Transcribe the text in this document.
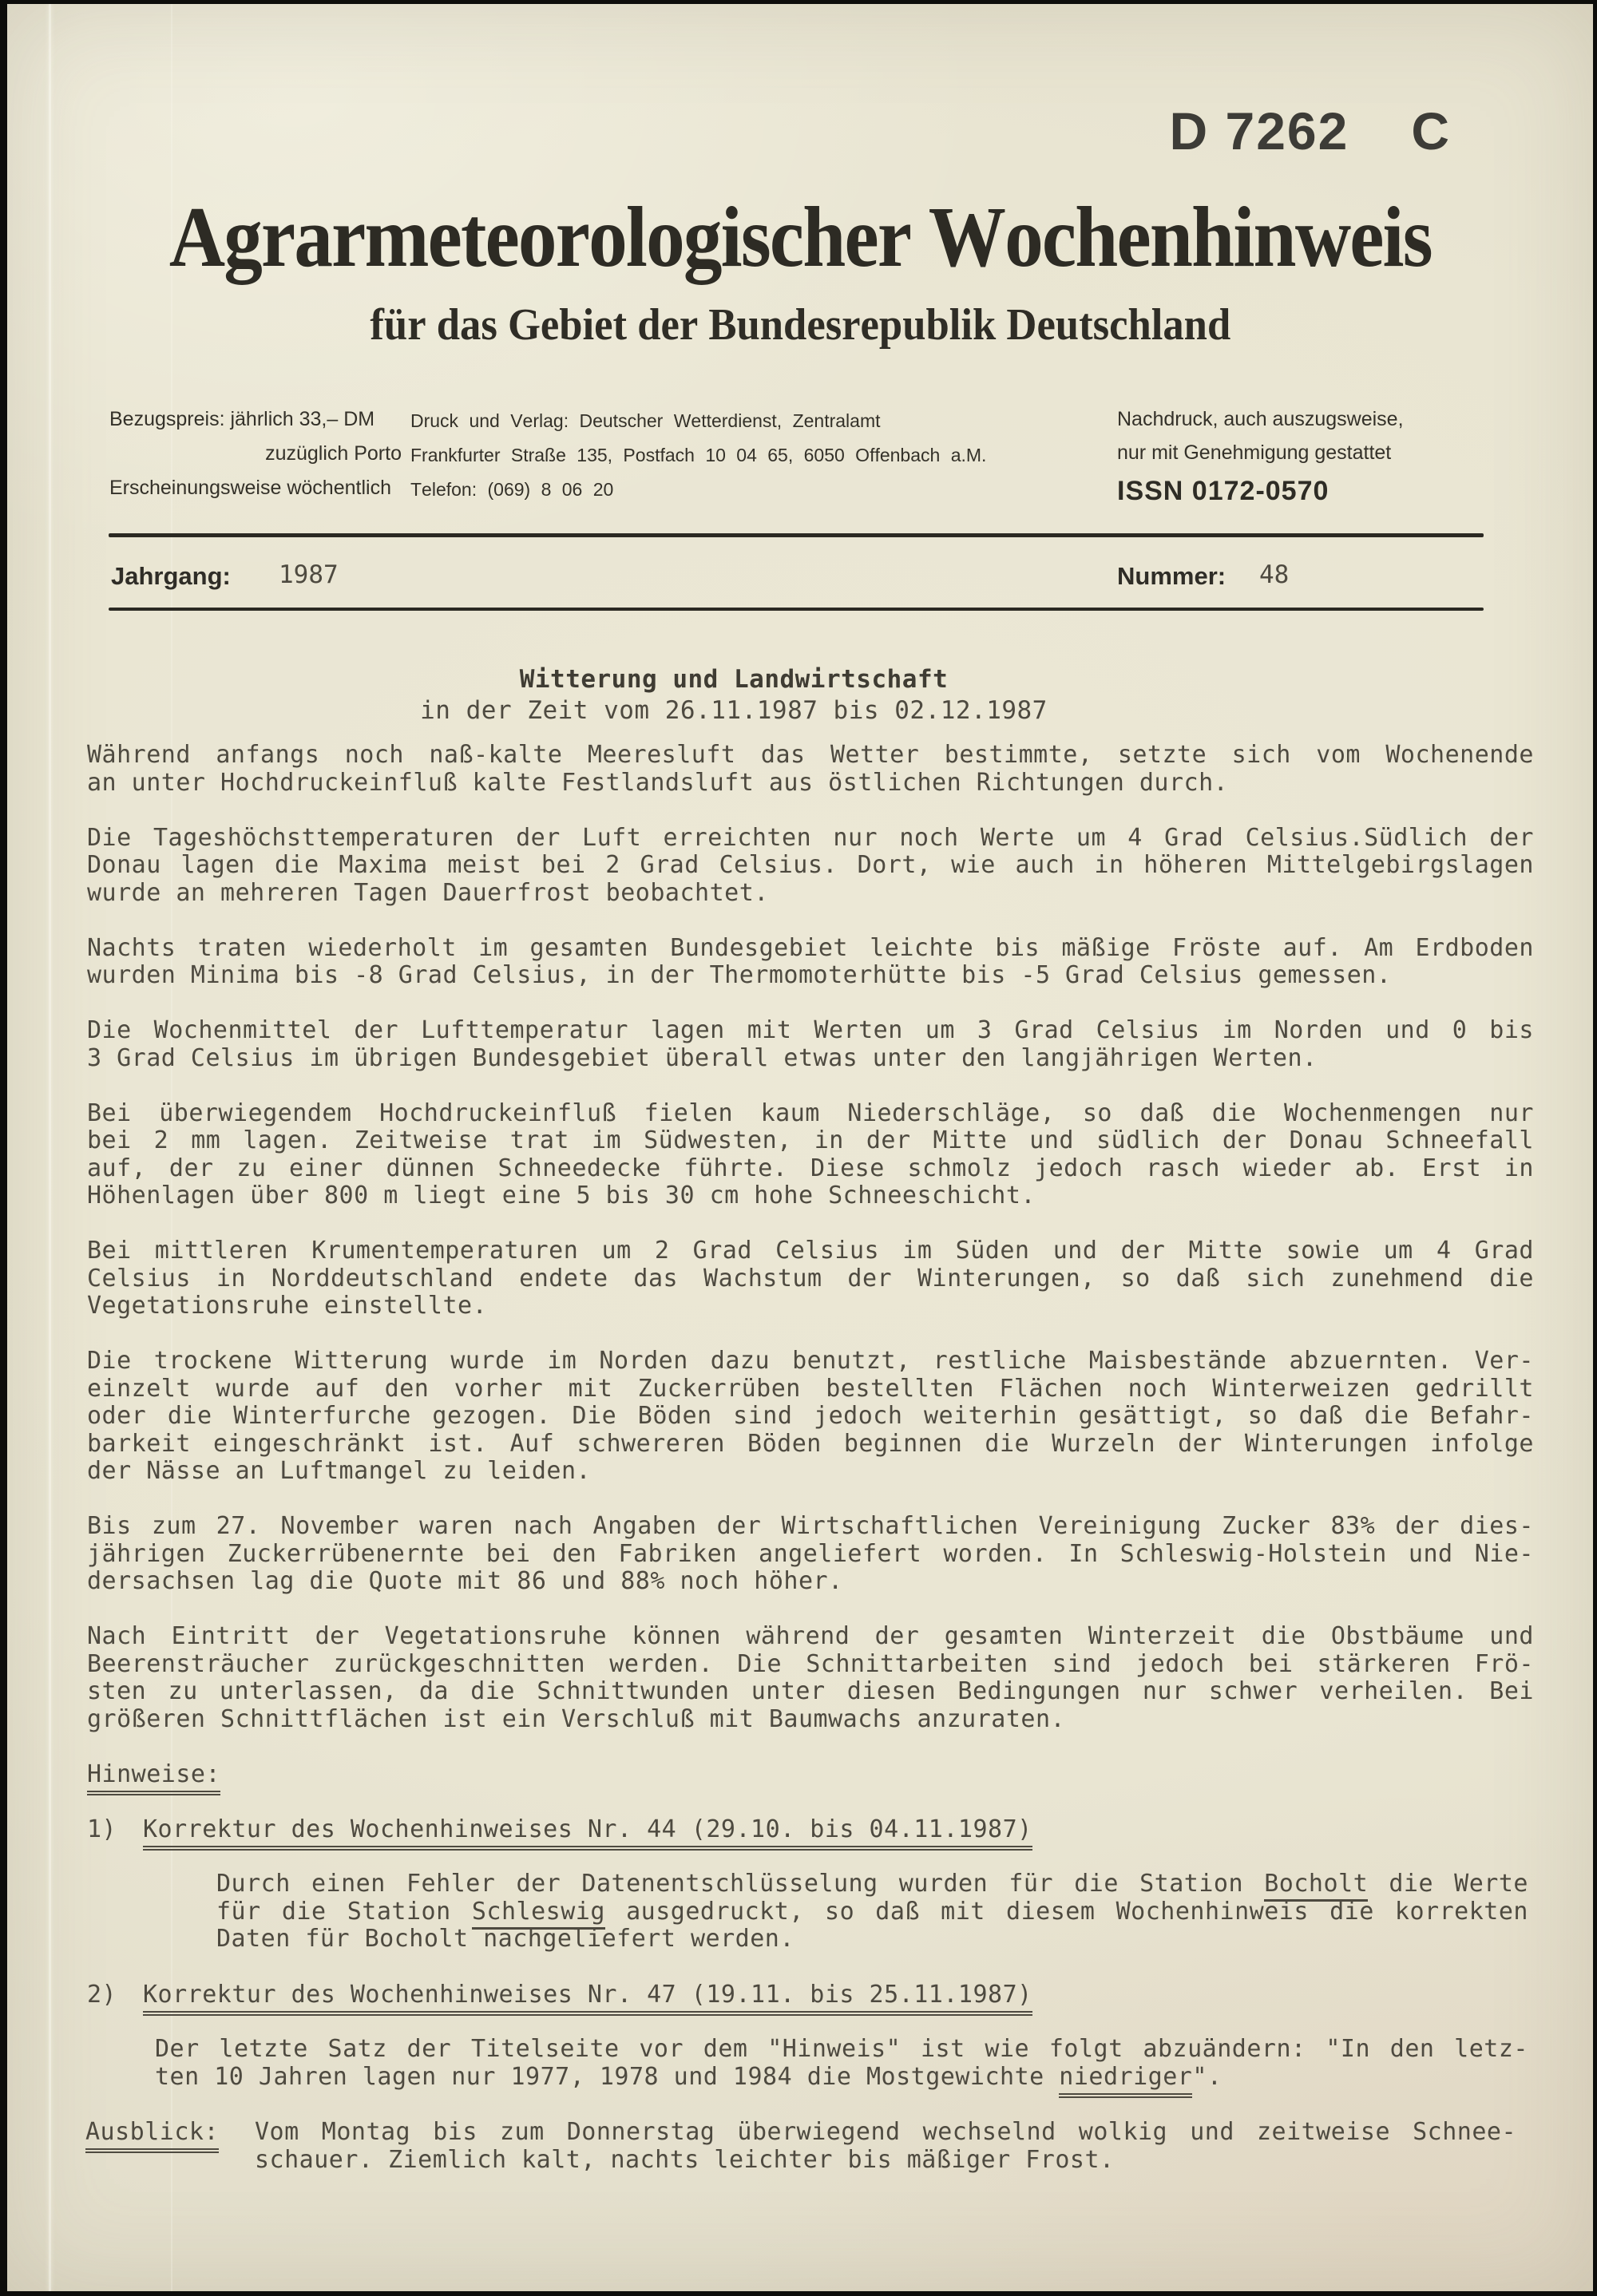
D 7262 C
Agrarmeteorologischer Wochenhinweis
für das Gebiet der Bundesrepublik Deutschland
Bezugspreis: jährlich 33,– DM
zuzüglich Porto
Erscheinungsweise wöchentlich
Druck und Verlag: Deutscher Wetterdienst, Zentralamt
Frankfurter Straße 135, Postfach 10 04 65, 6050 Offenbach a.M.
Telefon: (069) 8 06 20
Nachdruck, auch auszugsweise,
nur mit Genehmigung gestattet
ISSN 0172-0570
Jahrgang: 1987	Nummer: 48
Witterung und Landwirtschaft
in der Zeit vom 26.11.1987 bis 02.12.1987
Während anfangs noch naß-kalte Meeresluft das Wetter bestimmte, setzte sich vom Wochenende
an unter Hochdruckeinfluß kalte Festlandsluft aus östlichen Richtungen durch.
Die Tageshöchsttemperaturen der Luft erreichten nur noch Werte um 4 Grad Celsius.Südlich der
Donau lagen die Maxima meist bei 2 Grad Celsius. Dort, wie auch in höheren Mittelgebirgslagen
wurde an mehreren Tagen Dauerfrost beobachtet.
Nachts traten wiederholt im gesamten Bundesgebiet leichte bis mäßige Fröste auf. Am Erdboden
wurden Minima bis -8 Grad Celsius, in der Thermomoterhütte bis -5 Grad Celsius gemessen.
Die Wochenmittel der Lufttemperatur lagen mit Werten um 3 Grad Celsius im Norden und 0 bis
3 Grad Celsius im übrigen Bundesgebiet überall etwas unter den langjährigen Werten.
Bei überwiegendem Hochdruckeinfluß fielen kaum Niederschläge, so daß die Wochenmengen nur
bei 2 mm lagen. Zeitweise trat im Südwesten, in der Mitte und südlich der Donau Schneefall
auf, der zu einer dünnen Schneedecke führte. Diese schmolz jedoch rasch wieder ab. Erst in
Höhenlagen über 800 m liegt eine 5 bis 30 cm hohe Schneeschicht.
Bei mittleren Krumentemperaturen um 2 Grad Celsius im Süden und der Mitte sowie um 4 Grad
Celsius in Norddeutschland endete das Wachstum der Winterungen, so daß sich zunehmend die
Vegetationsruhe einstellte.
Die trockene Witterung wurde im Norden dazu benutzt, restliche Maisbestände abzuernten. Ver-
einzelt wurde auf den vorher mit Zuckerrüben bestellten Flächen noch Winterweizen gedrillt
oder die Winterfurche gezogen. Die Böden sind jedoch weiterhin gesättigt, so daß die Befahr-
barkeit eingeschränkt ist. Auf schwereren Böden beginnen die Wurzeln der Winterungen infolge
der Nässe an Luftmangel zu leiden.
Bis zum 27. November waren nach Angaben der Wirtschaftlichen Vereinigung Zucker 83% der dies-
jährigen Zuckerrübenernte bei den Fabriken angeliefert worden. In Schleswig-Holstein und Nie-
dersachsen lag die Quote mit 86 und 88% noch höher.
Nach Eintritt der Vegetationsruhe können während der gesamten Winterzeit die Obstbäume und
Beerensträucher zurückgeschnitten werden. Die Schnittarbeiten sind jedoch bei stärkeren Frö-
sten zu unterlassen, da die Schnittwunden unter diesen Bedingungen nur schwer verheilen. Bei
größeren Schnittflächen ist ein Verschluß mit Baumwachs anzuraten.
Hinweise:
1) Korrektur des Wochenhinweises Nr. 44 (29.10. bis 04.11.1987)
Durch einen Fehler der Datenentschlüsselung wurden für die Station Bocholt die Werte
für die Station Schleswig ausgedruckt, so daß mit diesem Wochenhinweis die korrekten
Daten für Bocholt nachgeliefert werden.
2) Korrektur des Wochenhinweises Nr. 47 (19.11. bis 25.11.1987)
Der letzte Satz der Titelseite vor dem "Hinweis" ist wie folgt abzuändern: "In den letz-
ten 10 Jahren lagen nur 1977, 1978 und 1984 die Mostgewichte niedriger".
Ausblick:	Vom Montag bis zum Donnerstag überwiegend wechselnd wolkig und zeitweise Schnee-
schauer. Ziemlich kalt, nachts leichter bis mäßiger Frost.
